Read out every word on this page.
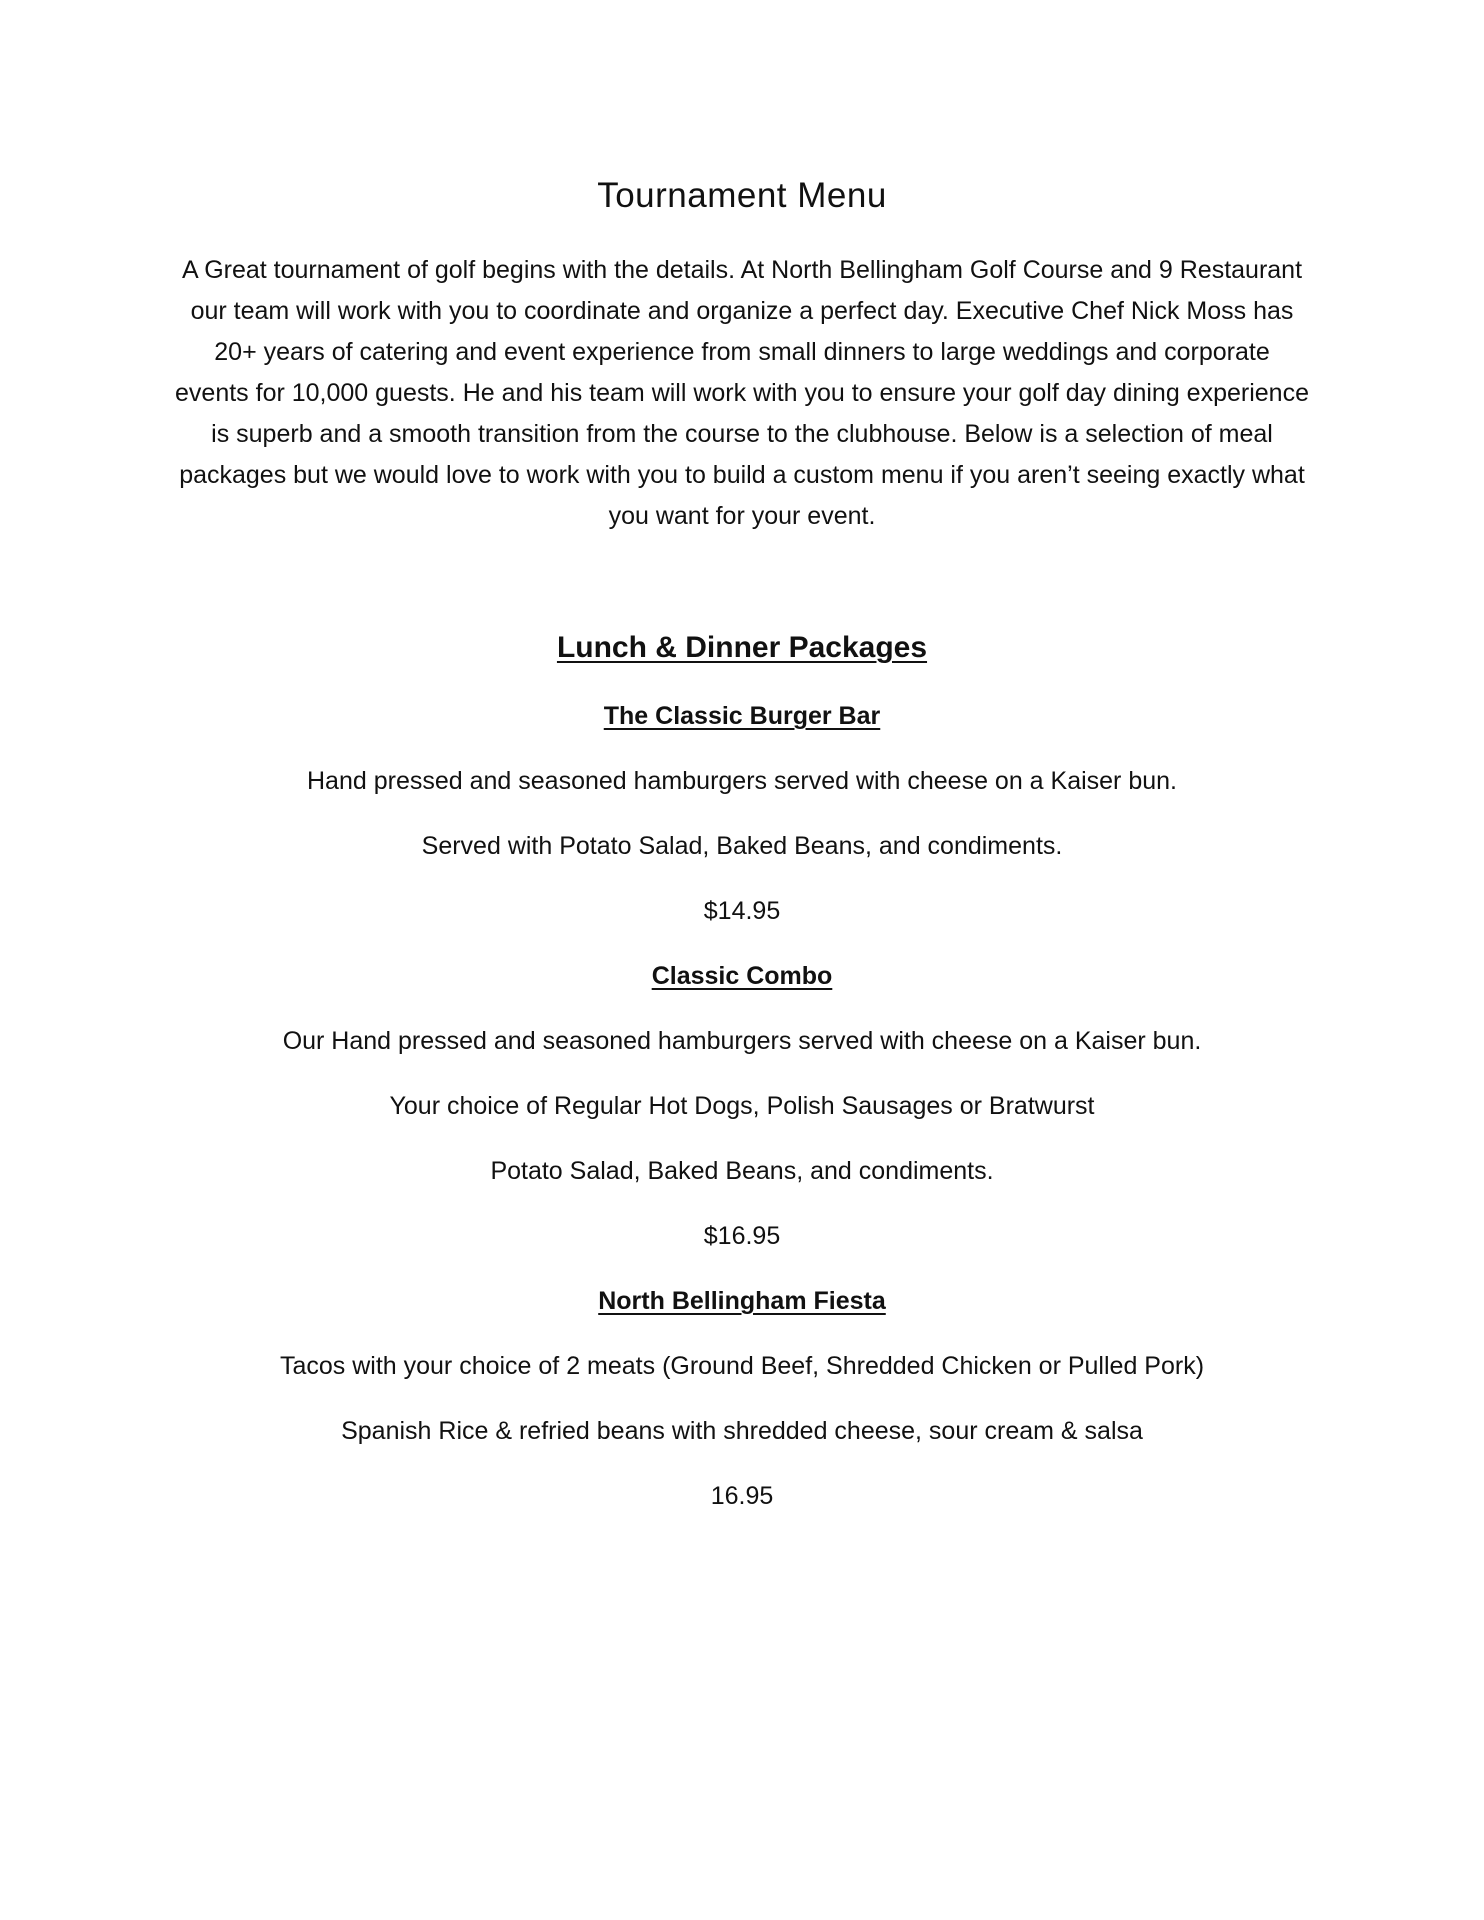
Tournament Menu

A Great tournament of golf begins with the details. At North Bellingham Golf Course and 9 Restaurant our team will work with you to coordinate and organize a perfect day. Executive Chef Nick Moss has 20+ years of catering and event experience from small dinners to large weddings and corporate events for 10,000 guests. He and his team will work with you to ensure your golf day dining experience is superb and a smooth transition from the course to the clubhouse. Below is a selection of meal packages but we would love to work with you to build a custom menu if you aren’t seeing exactly what you want for your event.

Lunch & Dinner Packages
The Classic Burger Bar
Hand pressed and seasoned hamburgers served with cheese on a Kaiser bun.
Served with Potato Salad, Baked Beans, and condiments.
$14.95
Classic Combo
Our Hand pressed and seasoned hamburgers served with cheese on a Kaiser bun.
Your choice of Regular Hot Dogs, Polish Sausages or Bratwurst
Potato Salad, Baked Beans, and condiments.
$16.95
North Bellingham Fiesta
Tacos with your choice of 2 meats (Ground Beef, Shredded Chicken or Pulled Pork)
Spanish Rice & refried beans with shredded cheese, sour cream & salsa
16.95
